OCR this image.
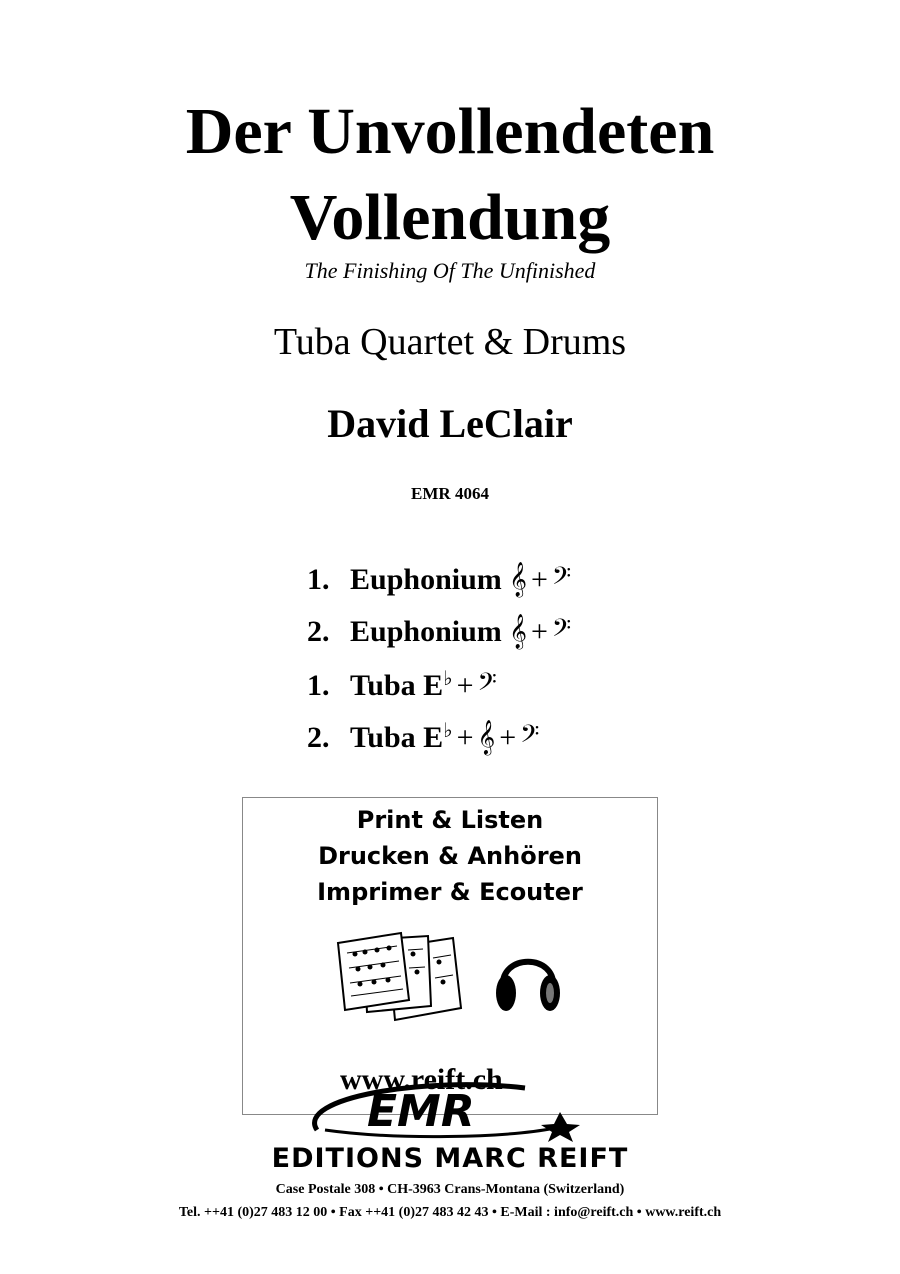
Der Unvollendeten
Vollendung
The Finishing Of The Unfinished
Tuba Quartet & Drums
David LeClair
EMR 4064
1. Euphonium 𝄞 + 𝄢
2. Euphonium 𝄞 + 𝄢
1. Tuba E♭ + 𝄢
2. Tuba E♭ + 𝄞 + 𝄢
Print & Listen
Drucken & Anhören
Imprimer & Ecouter
www.reift.ch
EMR
EDITIONS MARC REIFT
Case Postale 308 • CH-3963 Crans-Montana (Switzerland)
Tel. ++41 (0)27 483 12 00 • Fax ++41 (0)27 483 42 43 • E-Mail : info@reift.ch • www.reift.ch
